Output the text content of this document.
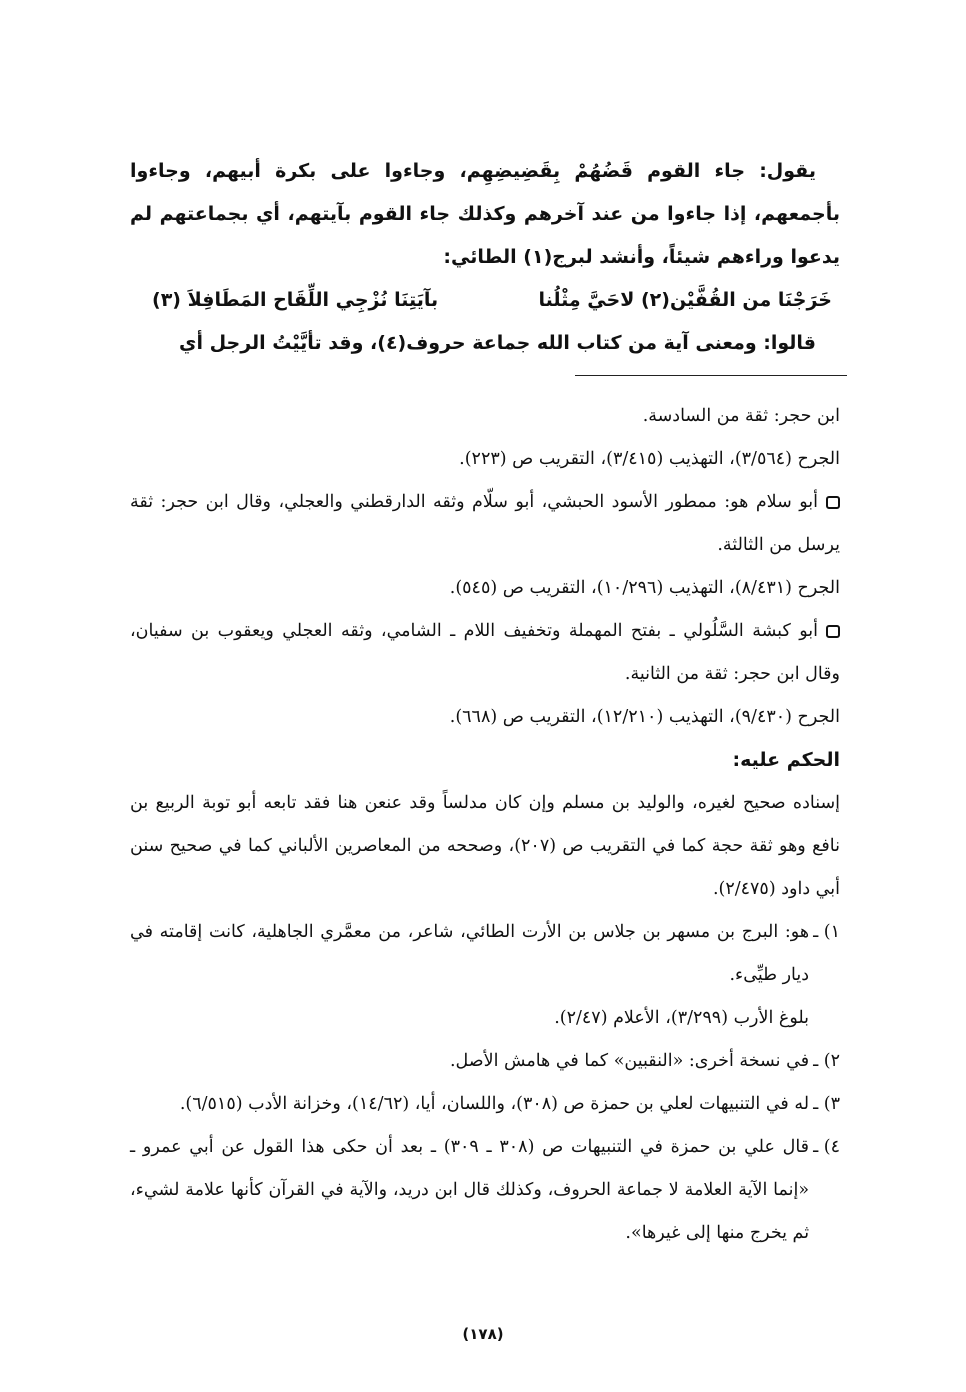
يقول: جاء القوم قَضُهُمْ بِقَضِيضِهِم، وجاءوا على بكرة أبيهم، وجاءوا بأجمعهم، إذا جاءوا من عند آخرهم وكذلك جاء القوم بآيتهم، أي بجماعتهم لم يدعوا وراءهم شيئاً، وأنشد لبرج(١) الطائي:

خَرَجْنَا من القُفَّيْن(٢) لاحَيَّ مِثْلُنا
بآيَتِنَا نُزْجِي اللِّقَاح المَطَافِلاَ (٣)

قالوا: ومعنى آية من كتاب الله جماعة حروف(٤)، وقد تأيَّيْتُ الرجل أي

ابن حجر: ثقة من السادسة.

الجرح (٣/٥٦٤)، التهذيب (٣/٤١٥)، التقريب ص (٢٢٣).

أبو سلام هو: ممطور الأسود الحبشي، أبو سلّام وثقه الدارقطني والعجلي، وقال ابن حجر: ثقة يرسل من الثالثة.

الجرح (٨/٤٣١)، التهذيب (١٠/٢٩٦)، التقريب ص (٥٤٥).

أبو كبشة السَّلُولي ـ بفتح المهملة وتخفيف اللام ـ الشامي، وثقه العجلي ويعقوب بن سفيان، وقال ابن حجر: ثقة من الثانية.

الجرح (٩/٤٣٠)، التهذيب (١٢/٢١٠)، التقريب ص (٦٦٨).

الحكم عليه:

إسناده صحيح لغيره، والوليد بن مسلم وإن كان مدلساً وقد عنعن هنا فقد تابعه أبو توبة الربيع بن نافع وهو ثقة حجة كما في التقريب ص (٢٠٧)، وصححه من المعاصرين الألباني كما في صحيح سنن أبي داود (٢/٤٧٥).

١) ـ
هو: البرج بن مسهر بن جلاس بن الأرت الطائي، شاعر، من معمَّري الجاهلية، كانت إقامته في ديار طيِّىء.
بلوغ الأرب (٣/٢٩٩)، الأعلام (٢/٤٧).
٢) ـ
في نسخة أخرى: «النقبين» كما في هامش الأصل.
٣) ـ
له في التنبيهات لعلي بن حمزة ص (٣٠٨)، واللسان، أيا، (١٤/٦٢)، وخزانة الأدب (٦/٥١٥).
٤) ـ
قال علي بن حمزة في التنبيهات ص (٣٠٨ ـ ٣٠٩) ـ بعد أن حكى هذا القول عن أبي عمرو ـ «إنما الآية العلامة لا جماعة الحروف، وكذلك قال ابن دريد، والآية في القرآن كأنها علامة لشيء، ثم يخرج منها إلى غيرها».
(١٧٨)
